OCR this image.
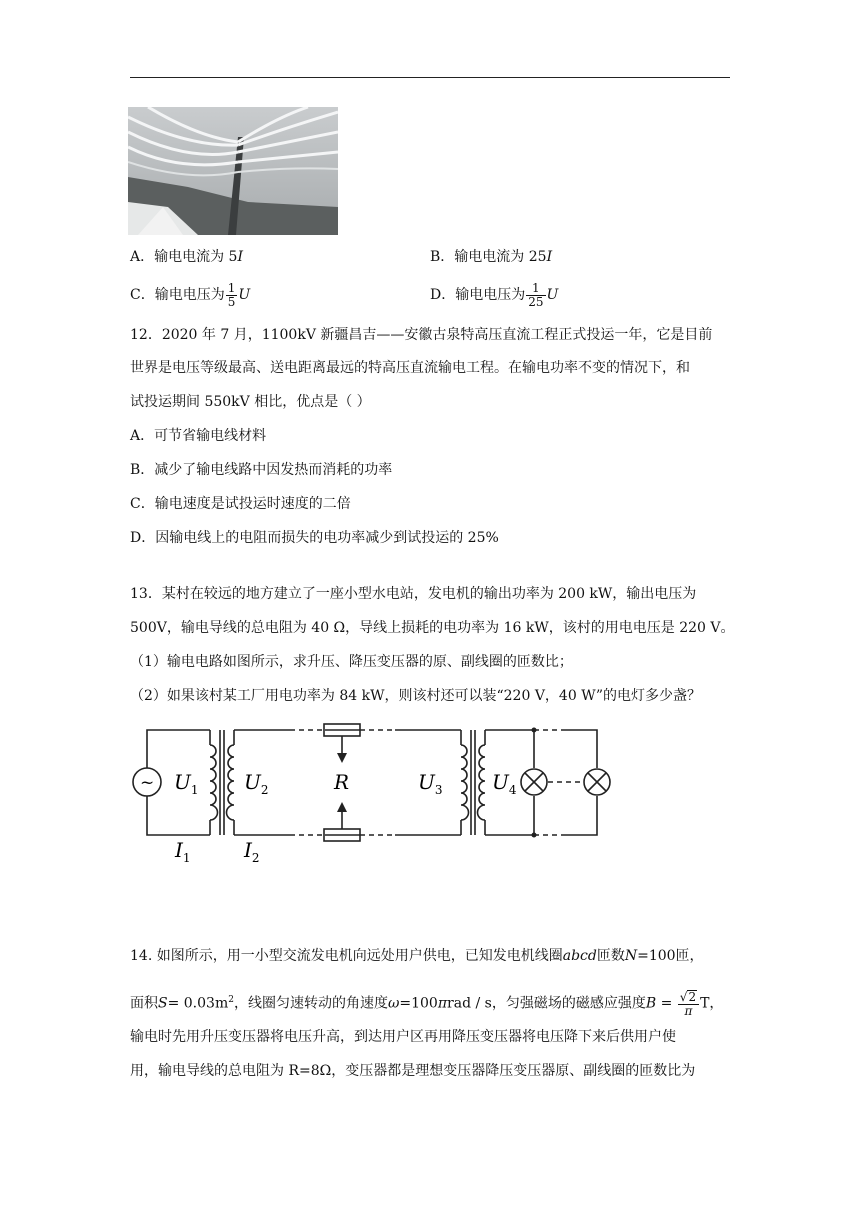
A．输电电流为 5I	B．输电电流为 25I
C．输电电压为 $\frac{1}{5}$ U	D．输电电压为 $\frac{1}{25}$ U
12．2020 年 7 月，1100kV 新疆昌吉——安徽古泉特高压直流工程正式投运一年，它是目前
世界是电压等级最高、送电距离最远的特高压直流输电工程。在输电功率不变的情况下，和
试投运期间 550kV 相比，优点是（ ）
A．可节省输电线材料
B．减少了输电线路中因发热而消耗的功率
C．输电速度是试投运时速度的二倍
D．因输电线上的电阻而损失的电功率减少到试投运的 25%
13．某村在较远的地方建立了一座小型水电站，发电机的输出功率为 200 kW，输出电压为
500V，输电导线的总电阻为 40 Ω，导线上损耗的电功率为 16 kW，该村的用电电压是 220 V。
（1）输电电路如图所示，求升压、降压变压器的原、副线圈的匝数比；
（2）如果该村某工厂用电功率为 84 kW，则该村还可以装“220 V，40 W”的电灯多少盏？
~ $U_1$ $U_2$	R	$U_3$ $U_4$
$I_1$	$I_2$
14. 如图所示，用一小型交流发电机向远处用户供电，已知发电机线圈abcd匝数N=100匝，
面积$S= 0.03m^2$，线圈匀速转动的角速度ω=100πrad / s，匀强磁场的磁感应强度$B = \frac{√2}{\pi}$ T，
输电时先用升压变压器将电压升高，到达用户区再用降压变压器将电压降下来后供用户使
用，输电导线的总电阻为 R=8Ω，变压器都是理想变压器降压变压器原、副线圈的匝数比为
